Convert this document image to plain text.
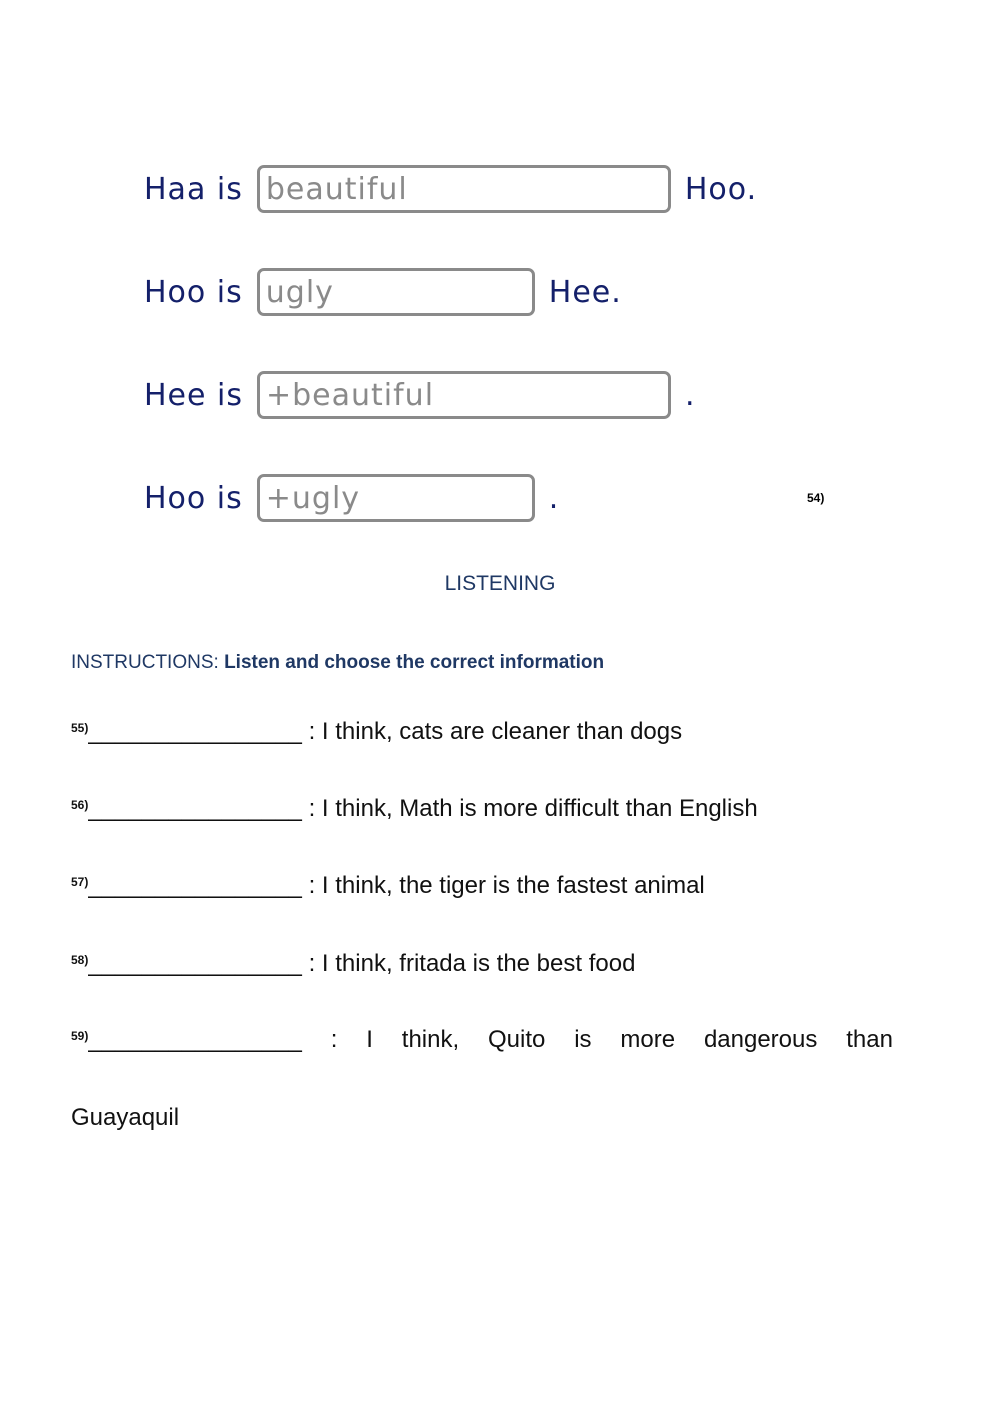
Haa is beautiful	Hoo.
Hoo is ugly	Hee.
Hee is +beautiful	.
Hoo is +ugly	.	54)
LISTENING
INSTRUCTIONS: Listen and choose the correct information
$^{55)}$________________ : I think, cats are cleaner than dogs
$^{56)}$________________ : I think, Math is more difficult than English
$^{57)}$________________ : I think, the tiger is the fastest animal
$^{58)}$________________ : I think, fritada is the best food
$^{59)}$________________ : I think, Quito is more dangerous than
Guayaquil
